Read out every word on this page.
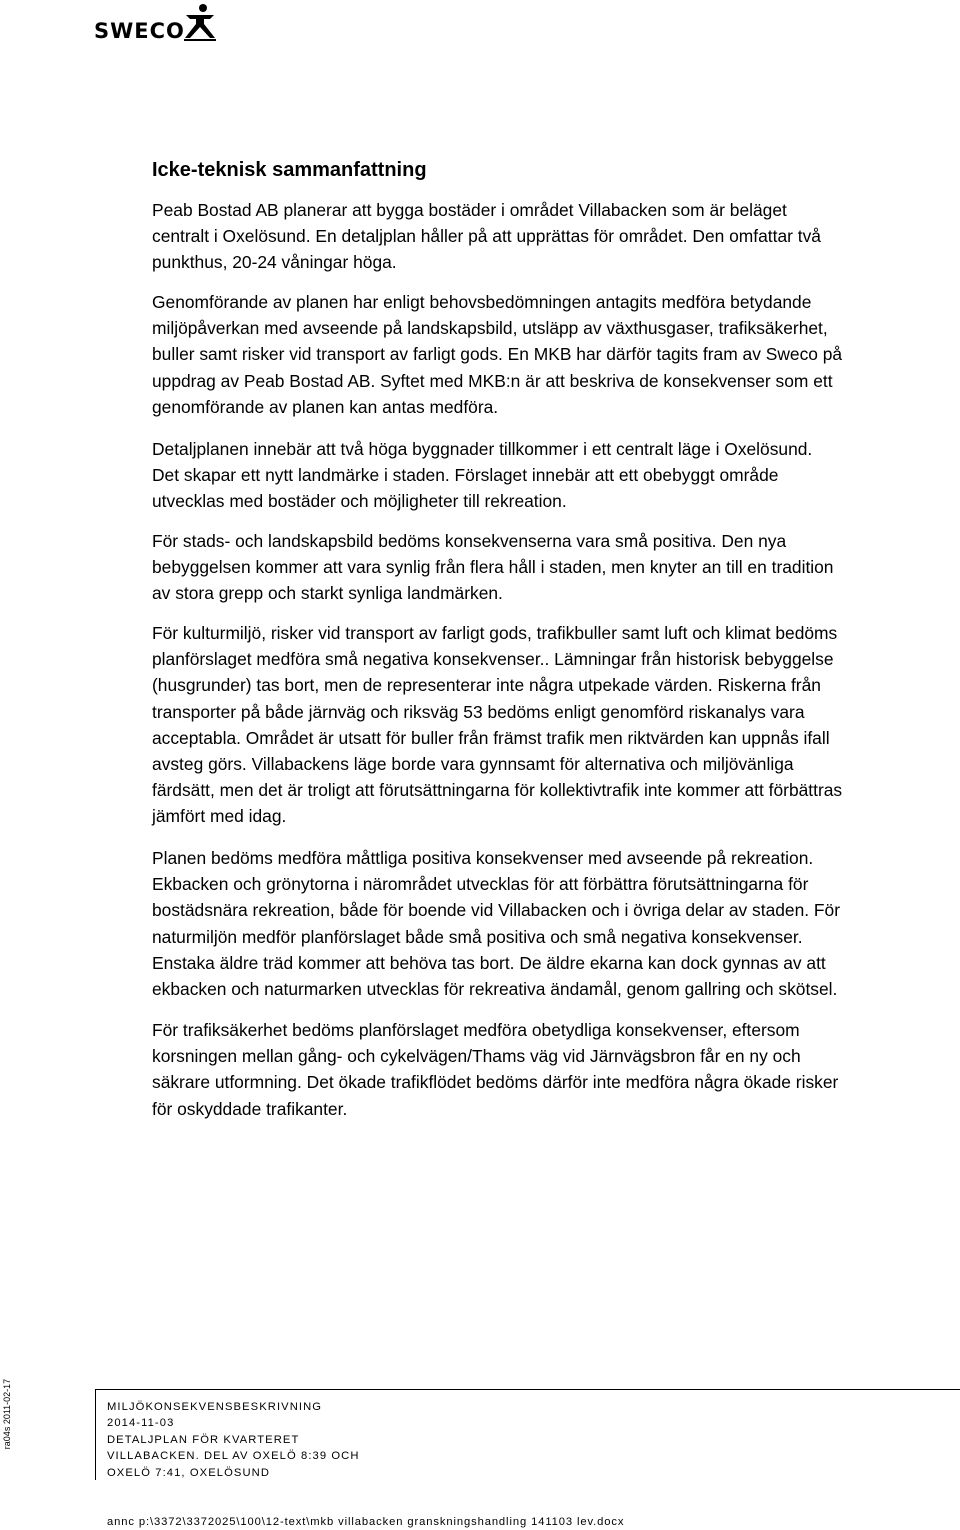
SWECO
Icke-teknisk sammanfattning
Peab Bostad AB planerar att bygga bostäder i området Villabacken som är beläget
centralt i Oxelösund. En detaljplan håller på att upprättas för området. Den omfattar två
punkthus, 20-24 våningar höga.
Genomförande av planen har enligt behovsbedömningen antagits medföra betydande
miljöpåverkan med avseende på landskapsbild, utsläpp av växthusgaser, trafiksäkerhet,
buller samt risker vid transport av farligt gods. En MKB har därför tagits fram av Sweco på
uppdrag av Peab Bostad AB. Syftet med MKB:n är att beskriva de konsekvenser som ett
genomförande av planen kan antas medföra.
Detaljplanen innebär att två höga byggnader tillkommer i ett centralt läge i Oxelösund.
Det skapar ett nytt landmärke i staden. Förslaget innebär att ett obebyggt område
utvecklas med bostäder och möjligheter till rekreation.
För stads- och landskapsbild bedöms konsekvenserna vara små positiva. Den nya
bebyggelsen kommer att vara synlig från flera håll i staden, men knyter an till en tradition
av stora grepp och starkt synliga landmärken.
För kulturmiljö, risker vid transport av farligt gods, trafikbuller samt luft och klimat bedöms
planförslaget medföra små negativa konsekvenser.. Lämningar från historisk bebyggelse
(husgrunder) tas bort, men de representerar inte några utpekade värden. Riskerna från
transporter på både järnväg och riksväg 53 bedöms enligt genomförd riskanalys vara
acceptabla. Området är utsatt för buller från främst trafik men riktvärden kan uppnås ifall
avsteg görs. Villabackens läge borde vara gynnsamt för alternativa och miljövänliga
färdsätt, men det är troligt att förutsättningarna för kollektivtrafik inte kommer att förbättras
jämfört med idag.
Planen bedöms medföra måttliga positiva konsekvenser med avseende på rekreation.
Ekbacken och grönytorna i närområdet utvecklas för att förbättra förutsättningarna för
bostädsnära rekreation, både för boende vid Villabacken och i övriga delar av staden. För
naturmiljön medför planförslaget både små positiva och små negativa konsekvenser.
Enstaka äldre träd kommer att behöva tas bort. De äldre ekarna kan dock gynnas av att
ekbacken och naturmarken utvecklas för rekreativa ändamål, genom gallring och skötsel.
För trafiksäkerhet bedöms planförslaget medföra obetydliga konsekvenser, eftersom
korsningen mellan gång- och cykelvägen/Thams väg vid Järnvägsbron får en ny och
säkrare utformning. Det ökade trafikflödet bedöms därför inte medföra några ökade risker
för oskyddade trafikanter.
ra04s 2011-02-17	MILJÖKONSEKVENSBESKRIVNING
2014-11-03
DETALJPLAN FÖR KVARTERET
VILLABACKEN. DEL AV OXELÖ 8:39 OCH
OXELÖ 7:41, OXELÖSUND
annc p:\3372\3372025\100\12-text\mkb villabacken granskningshandling 141103 lev.docx
